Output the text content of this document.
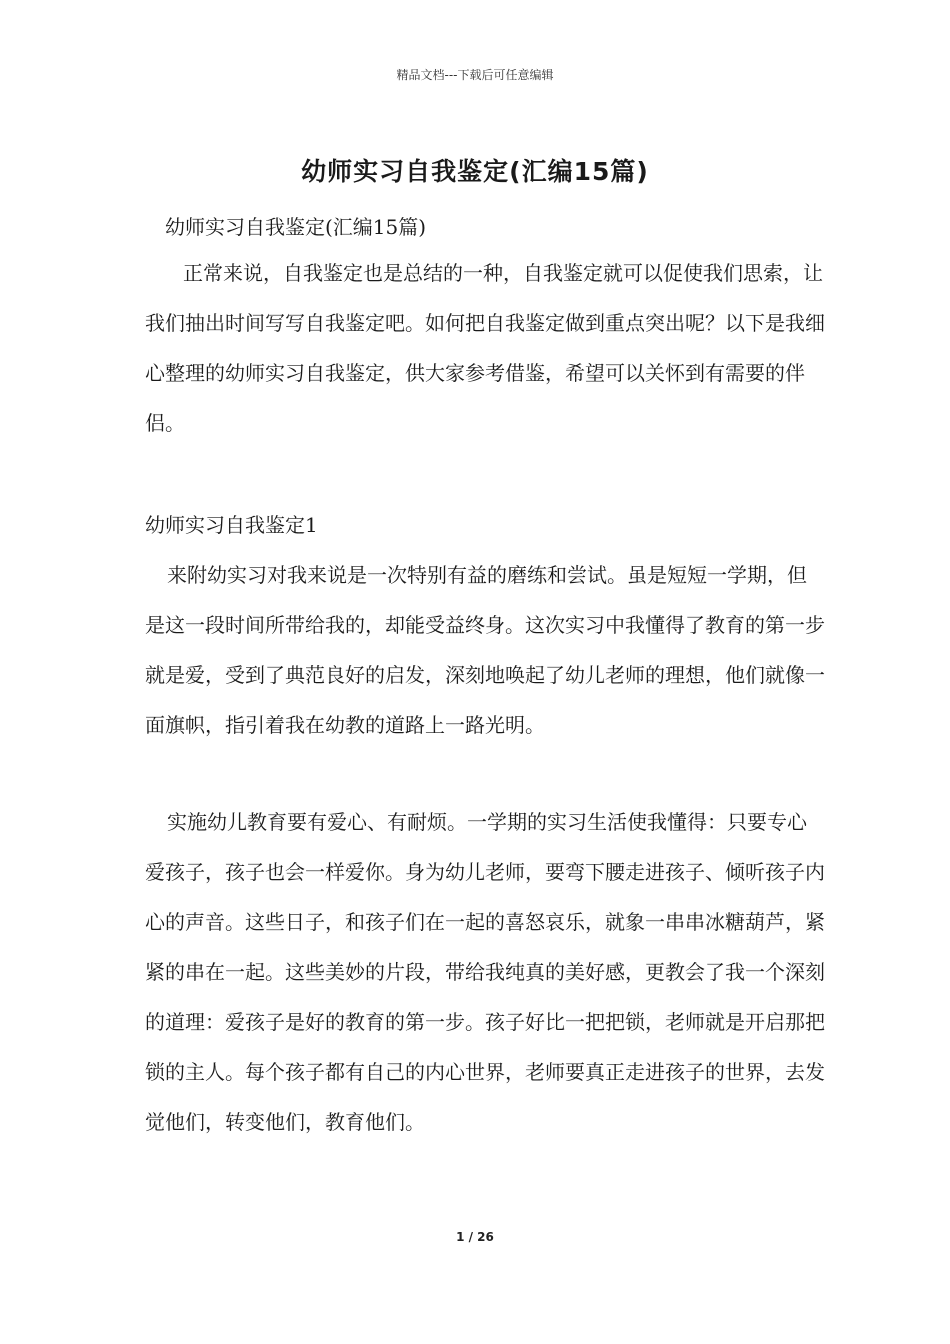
精品文档---下载后可任意编辑
幼师实习自我鉴定(汇编15篇)
幼师实习自我鉴定(汇编15篇)
正常来说，自我鉴定也是总结的一种，自我鉴定就可以促使我们思索，让我们抽出时间写写自我鉴定吧。如何把自我鉴定做到重点突出呢？以下是我细心整理的幼师实习自我鉴定，供大家参考借鉴，希望可以关怀到有需要的伴侣。
幼师实习自我鉴定1
来附幼实习对我来说是一次特别有益的磨练和尝试。虽是短短一学期，但是这一段时间所带给我的，却能受益终身。这次实习中我懂得了教育的第一步就是爱，受到了典范良好的启发，深刻地唤起了幼儿老师的理想，他们就像一面旗帜，指引着我在幼教的道路上一路光明。
实施幼儿教育要有爱心、有耐烦。一学期的实习生活使我懂得：只要专心爱孩子，孩子也会一样爱你。身为幼儿老师，要弯下腰走进孩子、倾听孩子内心的声音。这些日子，和孩子们在一起的喜怒哀乐，就象一串串冰糖葫芦，紧紧的串在一起。这些美妙的片段，带给我纯真的美好感，更教会了我一个深刻的道理：爱孩子是好的教育的第一步。孩子好比一把把锁，老师就是开启那把锁的主人。每个孩子都有自己的内心世界，老师要真正走进孩子的世界，去发觉他们，转变他们，教育他们。
1 / 26
